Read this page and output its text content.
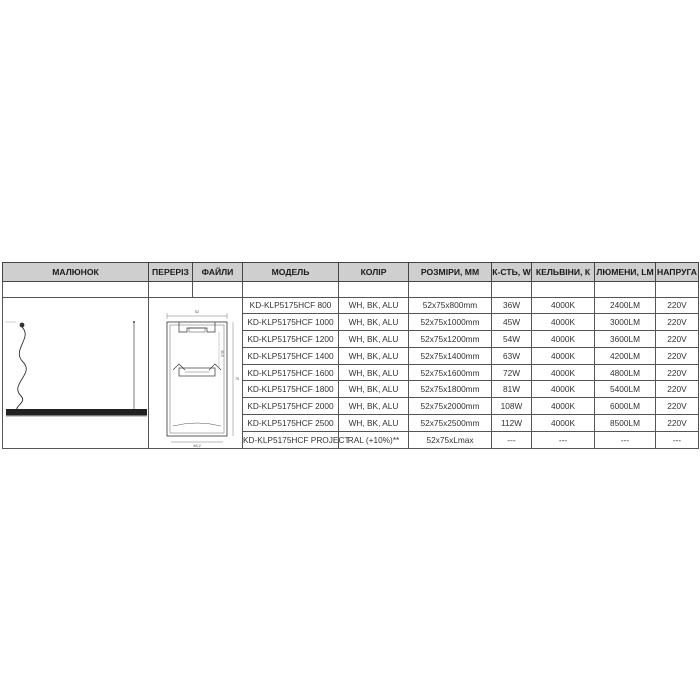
МАЛЮНОК	ПЕРЕРІЗ	ФАЙЛИ	МОДЕЛЬ	КОЛІР	РОЗМІРИ, ММ	К-СТЬ, W	КЕЛЬВІНИ, К	ЛЮМЕНИ, LM	НАПРУГА

52
30.5
75
48.2		KD-KLP5175HCF 800	WH, BK, ALU	52x75x800mm	36W	4000K	2400LM	220V
			KD-KLP5175HCF 1000	WH, BK, ALU	52x75x1000mm	45W	4000K	3000LM	220V
			KD-KLP5175HCF 1200	WH, BK, ALU	52x75x1200mm	54W	4000K	3600LM	220V
			KD-KLP5175HCF 1400	WH, BK, ALU	52x75x1400mm	63W	4000K	4200LM	220V
			KD-KLP5175HCF 1600	WH, BK, ALU	52x75x1600mm	72W	4000K	4800LM	220V
			KD-KLP5175HCF 1800	WH, BK, ALU	52x75x1800mm	81W	4000K	5400LM	220V
			KD-KLP5175HCF 2000	WH, BK, ALU	52x75x2000mm	108W	4000K	6000LM	220V
			KD-KLP5175HCF 2500	WH, BK, ALU	52x75x2500mm	112W	4000K	8500LM	220V
			KD-KLP5175HCF PROJECT	RAL (+10%)**	52x75xLmax	---	---	---	---
